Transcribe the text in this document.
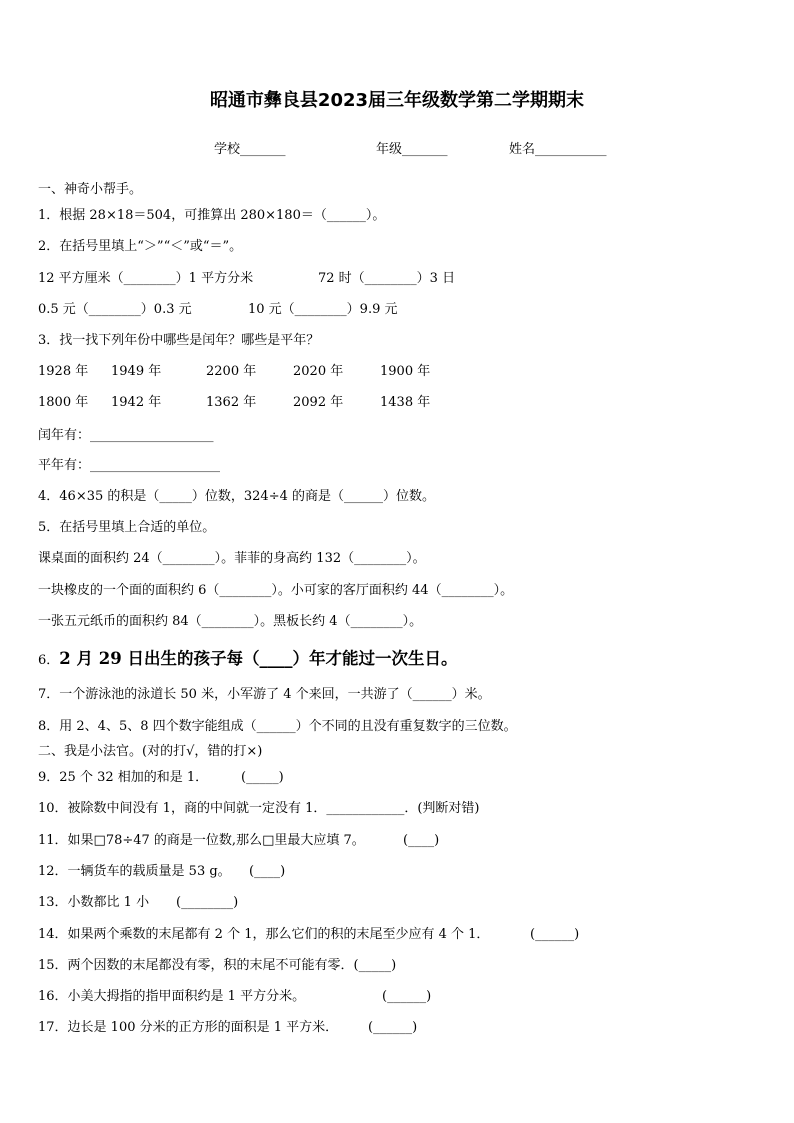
昭通市彝良县2023届三年级数学第二学期期末
学校_______	年级_______	姓名___________
一、神奇小帮手。
1．根据 28×18＝504，可推算出 280×180＝（______）。
2．在括号里填上“＞”“＜”或“＝”。
12 平方厘米（________）1 平方分米	72 时（________）3 日
0.5 元（________）0.3 元	10 元（________）9.9 元
3．找一找下列年份中哪些是闰年？哪些是平年？
1928 年 1949 年	2200 年	2020 年	1900 年
1800 年 1942 年	1362 年	2092 年	1438 年
闰年有：___________________
平年有：____________________
4．46×35 的积是（_____）位数，324÷4 的商是（______）位数。
5．在括号里填上合适的单位。
课桌面的面积约 24（________）。菲菲的身高约 132（________）。
一块橡皮的一个面的面积约 6（________）。小可家的客厅面积约 44（________）。
一张五元纸币的面积约 84（________）。黑板长约 4（________）。
6．2 月 29 日出生的孩子每（____）年才能过一次生日。
7．一个游泳池的泳道长 50 米，小军游了 4 个来回，一共游了（______）米。
8．用 2、4、5、8 四个数字能组成（______）个不同的且没有重复数字的三位数。
二、我是小法官。(对的打√，错的打×)
9．25 个 32 相加的和是 1．	(_____)
10．被除数中间没有 1，商的中间就一定没有 1．____________．(判断对错)
11．如果□78÷47 的商是一位数,那么□里最大应填 7。	(____)
12．一辆货车的载质量是 53 g。 (____)
13．小数都比 1 小 (________)
14．如果两个乘数的末尾都有 2 个 1，那么它们的积的末尾至少应有 4 个 1．	(______)
15．两个因数的末尾都没有零，积的末尾不可能有零．(_____)
16．小美大拇指的指甲面积约是 1 平方分米。	(______)
17．边长是 100 分米的正方形的面积是 1 平方米． (______)
